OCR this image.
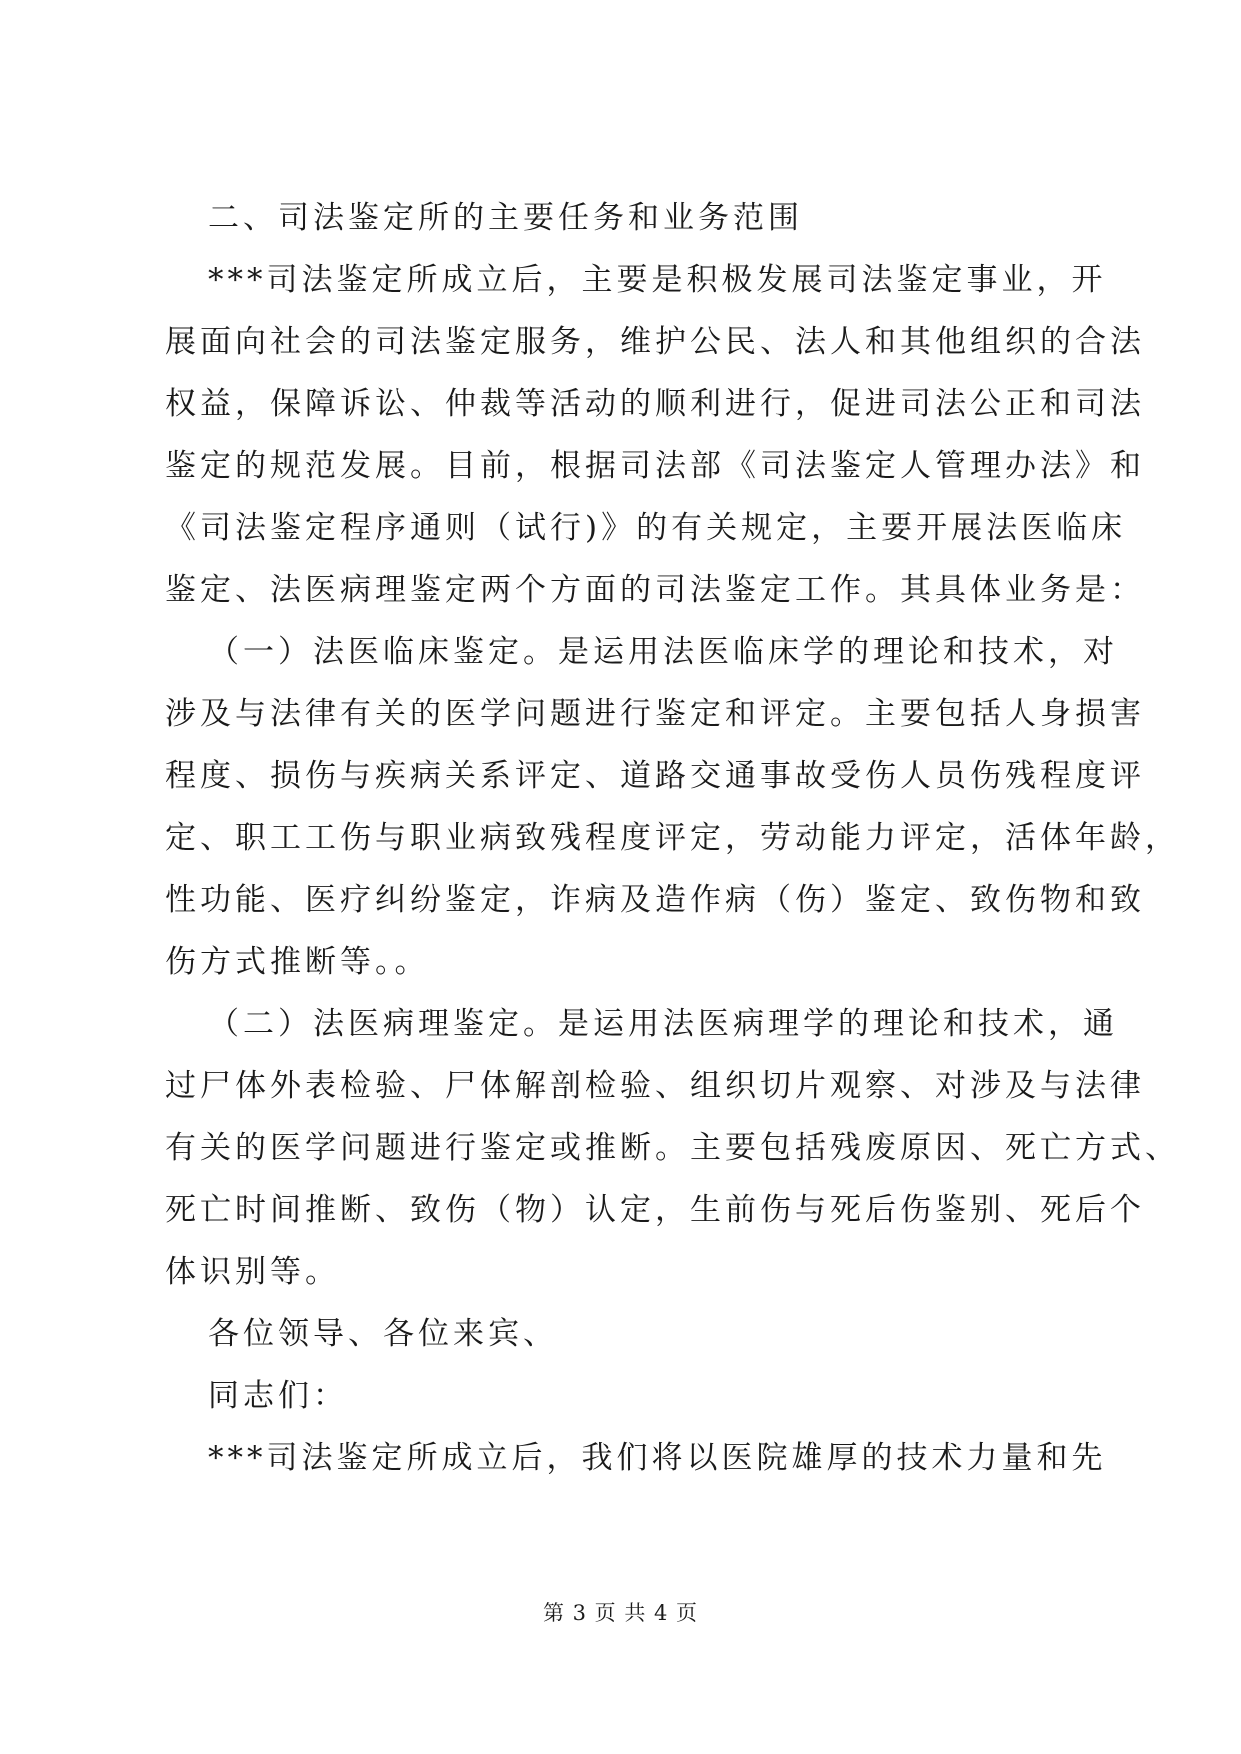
二、司法鉴定所的主要任务和业务范围
***司法鉴定所成立后，主要是积极发展司法鉴定事业，开
展面向社会的司法鉴定服务，维护公民、法人和其他组织的合法
权益，保障诉讼、仲裁等活动的顺利进行，促进司法公正和司法
鉴定的规范发展。目前，根据司法部《司法鉴定人管理办法》和
《司法鉴定程序通则（试行)》的有关规定，主要开展法医临床
鉴定、法医病理鉴定两个方面的司法鉴定工作。其具体业务是：
（一）法医临床鉴定。是运用法医临床学的理论和技术，对
涉及与法律有关的医学问题进行鉴定和评定。主要包括人身损害
程度、损伤与疾病关系评定、道路交通事故受伤人员伤残程度评
定、职工工伤与职业病致残程度评定，劳动能力评定，活体年龄，
性功能、医疗纠纷鉴定，诈病及造作病（伤）鉴定、致伤物和致
伤方式推断等。。
（二）法医病理鉴定。是运用法医病理学的理论和技术，通
过尸体外表检验、尸体解剖检验、组织切片观察、对涉及与法律
有关的医学问题进行鉴定或推断。主要包括残废原因、死亡方式、
死亡时间推断、致伤（物）认定，生前伤与死后伤鉴别、死后个
体识别等。
各位领导、各位来宾、
同志们：
***司法鉴定所成立后，我们将以医院雄厚的技术力量和先
第 3 页 共 4 页
